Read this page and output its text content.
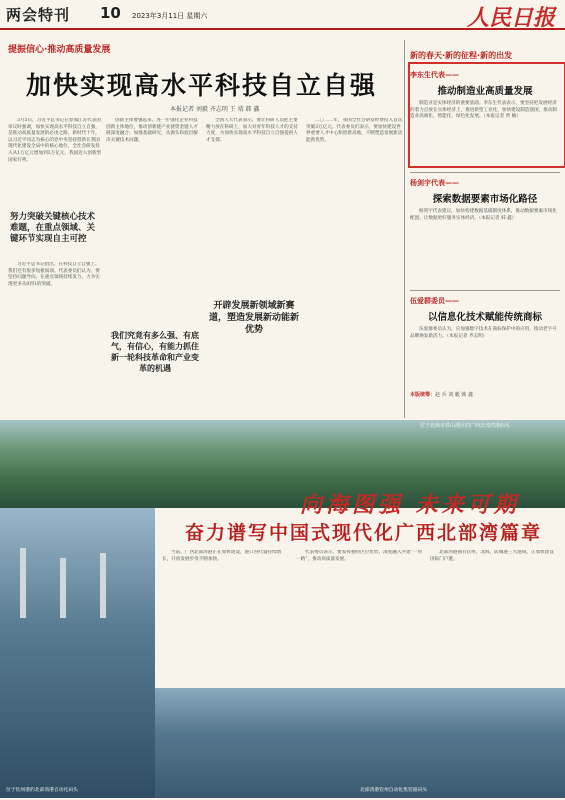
两会特刊 10 2023年3月11日 星期六	人民日报
提振信心·推动高质量发展
新的春天·新的征程·新的出发
加快实现高水平科技自立自强
本报记者 刘毅 齐志明 王 靖 韩 鑫
3月5日，习近平总书记在参加江苏代表团审议时强调，加快实现高水平科技自立自强，是推动高质量发展的必由之路。新时代十年，以习近平同志为核心的党中央坚持创新在我国现代化建设全局中的核心地位，全社会研发投入从1万亿元增加到3万亿元，我国迈入创新型国家行列。
努力突破关键核心技术难题，在重点领域、关键环节实现自主可控
习近平总书记指出，在科技自立自强上，我们还有很多短板弱项。代表委员们认为，要坚持问题导向，在重点领域持续发力，力争实现更多从0到1的突破。
创新主体要强起来。进一步强化企业科技创新主体地位，推动创新链产业链资金链人才链深度融合。加强基础研究，从源头和底层解决关键技术问题。
我们究竟有多么强、有底气，有信心，有能力抓住新一轮科技革命和产业变革的机遇
全国人大代表表示，要让科研人员把主要精力放在科研上，加大对青年科技人才的支持力度，为加快实现高水平科技自立自强提供人才支撑。
开辟发展新领域新赛道，塑造发展新动能新优势
二〇二二年，我国全社会研发经费投入首次突破3万亿元。代表委员们表示，要加快建设世界重要人才中心和创新高地，不断塑造发展新动能新优势。
李东生代表——
推动制造业高质量发展
制造业是实体经济的重要基础。李东生代表表示，要坚持把发展经济的着力点放在实体经济上，推进新型工业化，加快建设制造强国，推动制造业高端化、智能化、绿色化发展。（本报记者 贾 楠）
杨剑宇代表——
探索数据要素市场化路径
杨剑宇代表建议，加快构建数据基础制度体系，推动数据要素市场化配置，让数据更好服务实体经济。（本报记者 韩 鑫）
伍爱群委员——
以信息化技术赋能传统商标
伍爱群委员认为，应加强数字技术在商标保护中的应用，推动老字号品牌焕发新活力。（本报记者 齐志明）
本版统筹：赵 兵 刘 毅 韩 鑫
位于北海市铁山港区的广西北部湾港码头
向海图强 未来可期
奋力谱写中国式现代化广西北部湾篇章
位于钦州港的北部湾港自动化码头
当前，广西北部湾港正在加快建设，港口吞吐量持续增长，开放发展步伐不断加快。
代表委员表示，要发挥独特区位优势，深度融入共建“一带一路”，推动高质量发展。
北部湾港拥有钦州、北海、防城港三大港域，正加快建设国际门户港。
北部湾港钦州自动化集装箱码头
